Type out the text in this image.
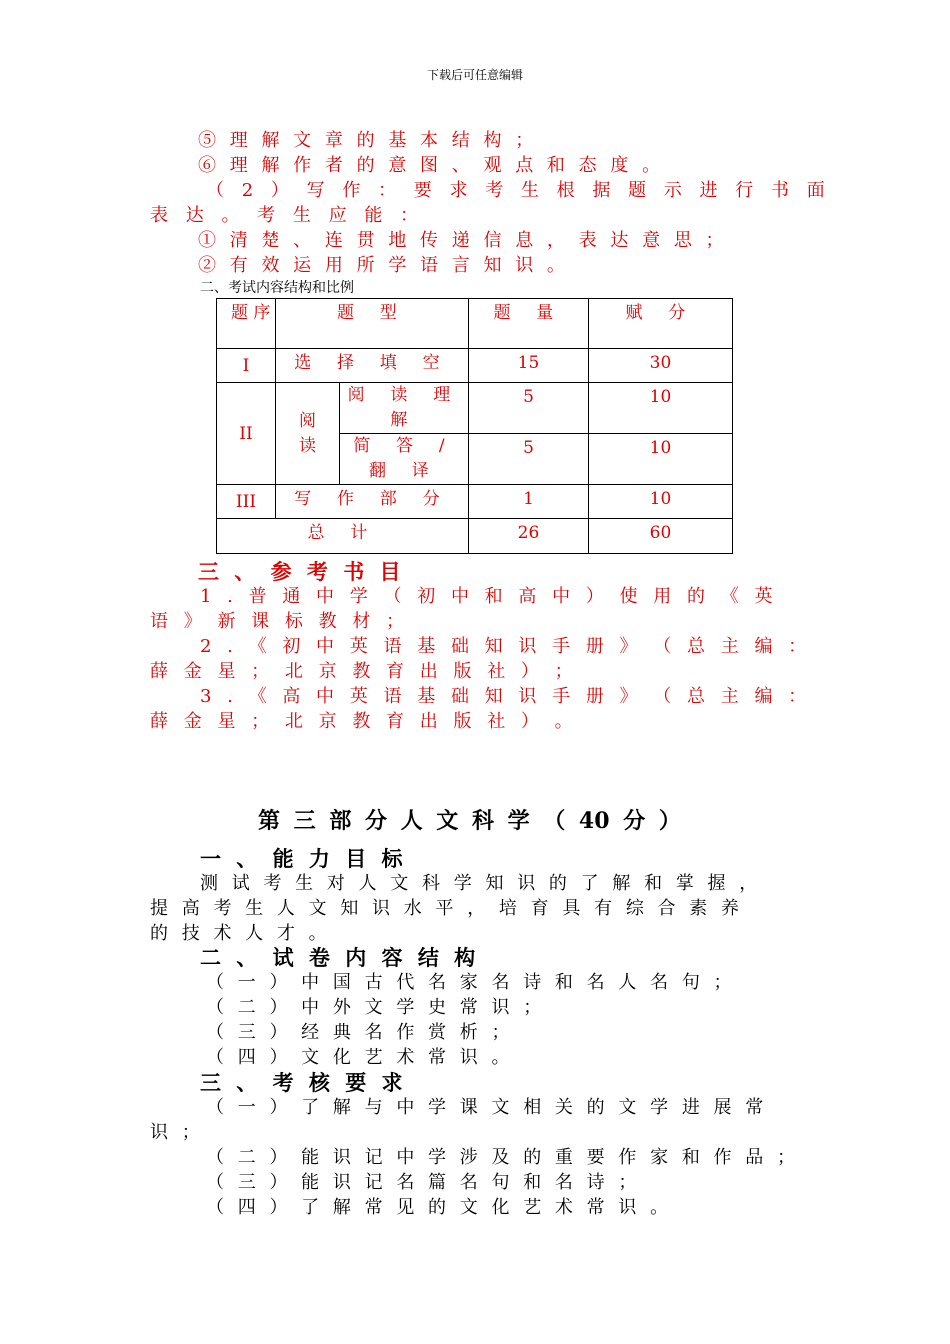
下载后可任意编辑
⑤ 理 解 文 章 的 基 本 结 构 ；
⑥ 理 解 作 者 的 意 图 、 观 点 和 态 度 。
（ 2 ） 写 作 ： 要 求 考 生 根 据 题 示 进 行 书 面
表 达 。 考 生 应 能 ：
① 清 楚 、 连 贯 地 传 递 信 息 ， 表 达 意 思 ；
② 有 效 运 用 所 学 语 言 知 识 。
二、考试内容结构和比例
题 序	题 型		题 量	赋 分
I	选 择 填 空		15	30
II	阅 读	阅 读 理 解	5	10
		简 答 / 翻 译	5	10
III	写 作 部 分		1	10
总 计			26	60
三 、 参 考 书 目
1 . 普 通 中 学 （ 初 中 和 高 中 ） 使 用 的 《 英
语 》 新 课 标 教 材 ；
2 . 《 初 中 英 语 基 础 知 识 手 册 》 （ 总 主 编 ：
薛 金 星 ； 北 京 教 育 出 版 社 ） ；
3 . 《 高 中 英 语 基 础 知 识 手 册 》 （ 总 主 编 ：
薛 金 星 ； 北 京 教 育 出 版 社 ） 。
第 三 部 分 人 文 科 学 （ 40 分 ）
一 、 能 力 目 标
测 试 考 生 对 人 文 科 学 知 识 的 了 解 和 掌 握 ，
提 高 考 生 人 文 知 识 水 平 ， 培 育 具 有 综 合 素 养
的 技 术 人 才 。
二 、 试 卷 内 容 结 构
（ 一 ） 中 国 古 代 名 家 名 诗 和 名 人 名 句 ；
（ 二 ） 中 外 文 学 史 常 识 ；
（ 三 ） 经 典 名 作 赏 析 ；
（ 四 ） 文 化 艺 术 常 识 。
三 、 考 核 要 求
（ 一 ） 了 解 与 中 学 课 文 相 关 的 文 学 进 展 常
识 ；
（ 二 ） 能 识 记 中 学 涉 及 的 重 要 作 家 和 作 品 ；
（ 三 ） 能 识 记 名 篇 名 句 和 名 诗 ；
（ 四 ） 了 解 常 见 的 文 化 艺 术 常 识 。
